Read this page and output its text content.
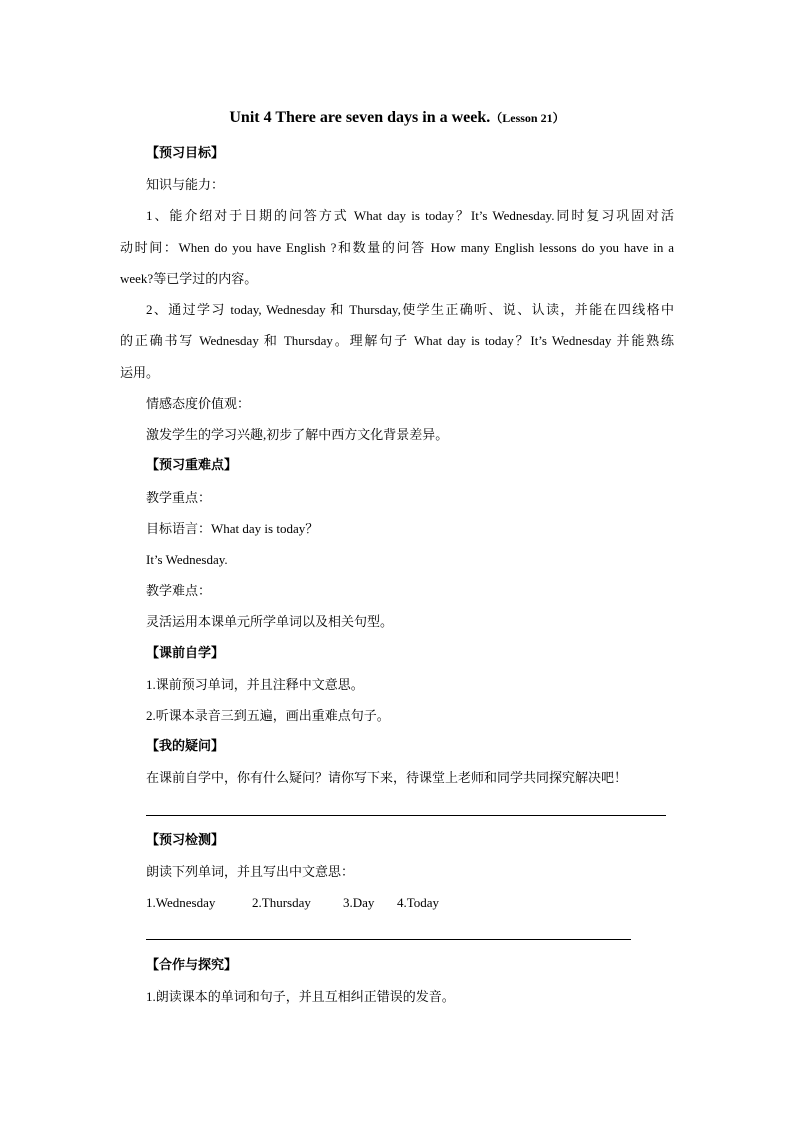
Unit 4 There are seven days in a week.（Lesson 21）
【预习目标】
知识与能力：
1、能介绍对于日期的问答方式 What day is today？It’s Wednesday.同时复习巩固对活
动时间：When do you have English ?和数量的问答 How many English lessons do you have in a
week?等已学过的内容。
2、通过学习 today, Wednesday 和 Thursday,使学生正确听、说、认读，并能在四线格中
的正确书写 Wednesday 和 Thursday。理解句子 What day is today？It’s Wednesday 并能熟练
运用。
情感态度价值观：
激发学生的学习兴趣,初步了解中西方文化背景差异。
【预习重难点】
教学重点：
目标语言：What day is today？
It’s Wednesday.
教学难点：
灵活运用本课单元所学单词以及相关句型。
【课前自学】
1.课前预习单词，并且注释中文意思。
2.听课本录音三到五遍，画出重难点句子。
【我的疑问】
在课前自学中，你有什么疑问？请你写下来，待课堂上老师和同学共同探究解决吧！
【预习检测】
朗读下列单词，并且写出中文意思：
1.Wednesday	2.Thursday 3.Day 4.Today
【合作与探究】
1.朗读课本的单词和句子，并且互相纠正错误的发音。
